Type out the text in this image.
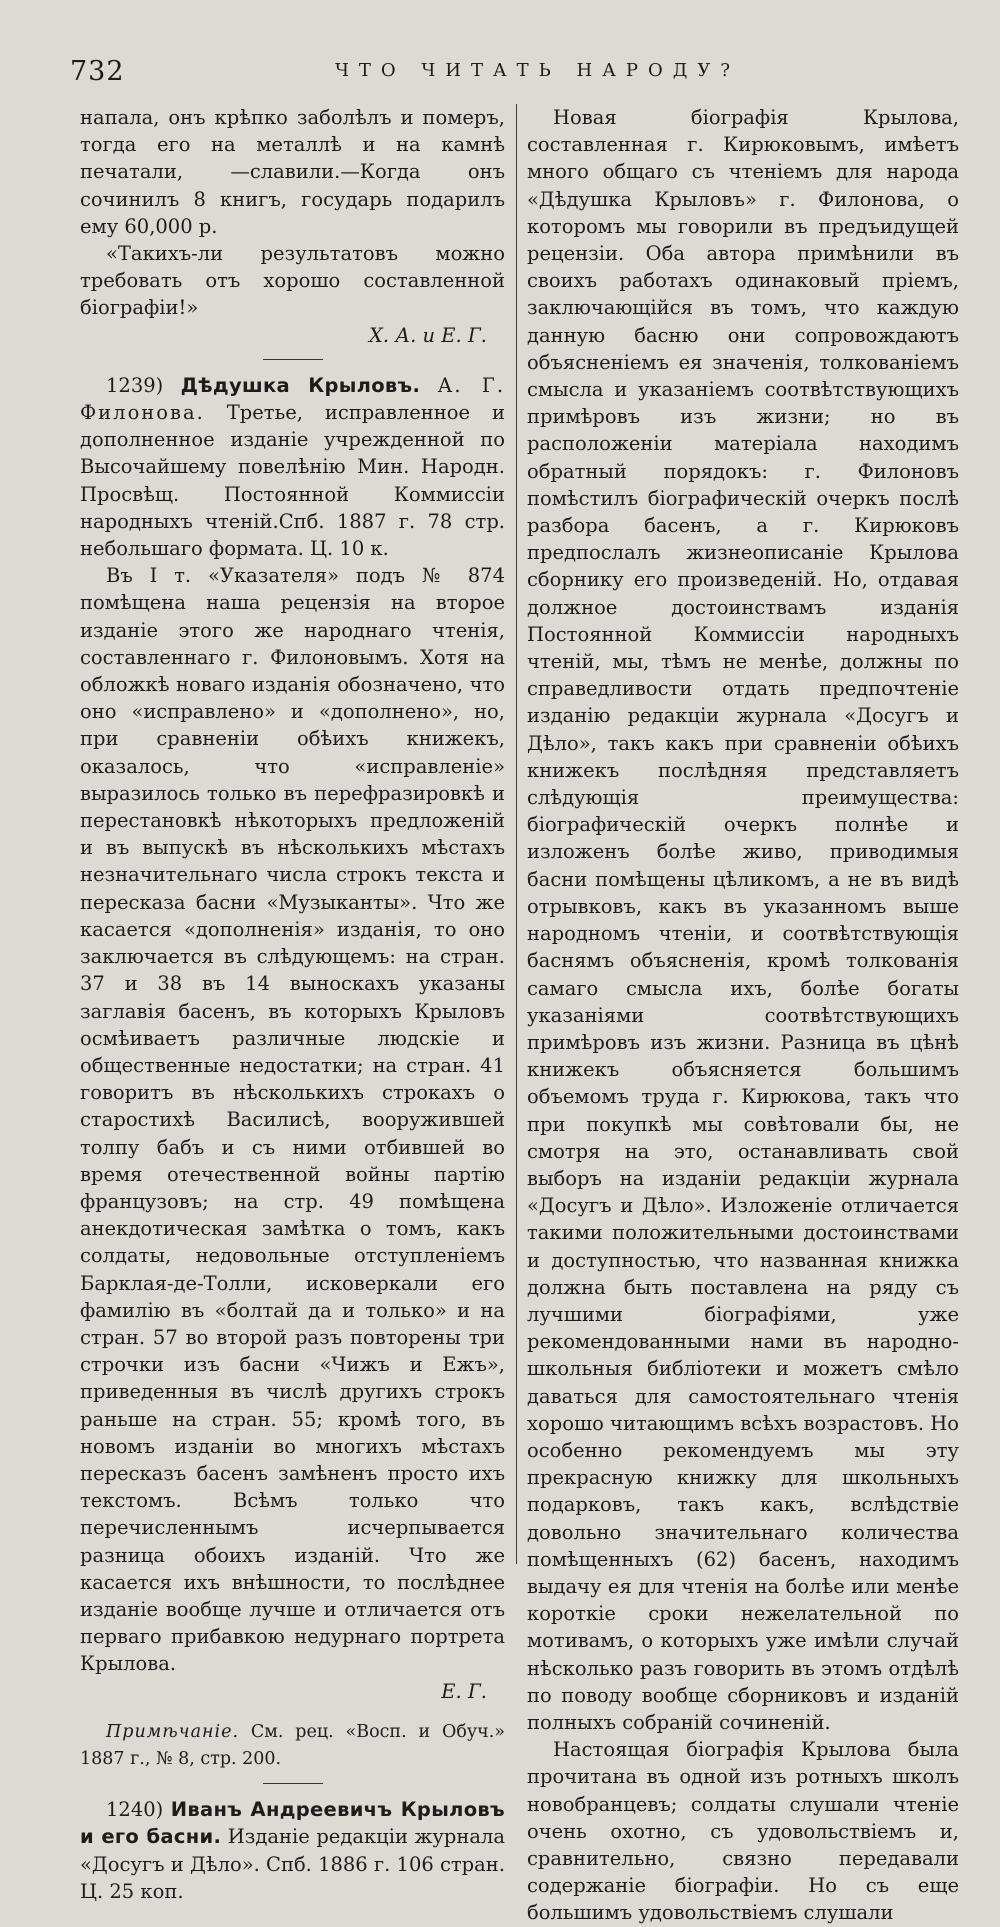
732	ЧТО ЧИТАТЬ НАРОДУ?

напала, онъ крѣпко заболѣлъ и померъ, тогда его на металлѣ и на камнѣ печатали, —славили.—Когда онъ сочинилъ 8 книгъ, государь подарилъ ему 60,000 р.

«Такихъ-ли результатовъ можно требовать отъ хорошо составленной біографіи!»

Х. А. и Е. Г.

1239) Дѣдушка Крыловъ. А. Г. Филонова. Третье, исправленное и дополненное изданіе учрежденной по Высочайшему повелѣнію Мин. Народн. Просвѣщ. Постоянной Коммиссіи народныхъ чтеній.Спб. 1887 г. 78 стр. небольшаго формата. Ц. 10 к.

Въ I т. «Указателя» подъ № 874 помѣщена наша рецензія на второе изданіе этого же народнаго чтенія, составленнаго г. Филоновымъ. Хотя на обложкѣ новаго изданія обозначено, что оно «исправлено» и «дополнено», но, при сравненіи обѣихъ книжекъ, оказалось, что «исправленіе» выразилось только въ перефразировкѣ и перестановкѣ нѣкоторыхъ предложеній и въ выпускѣ въ нѣсколькихъ мѣстахъ незначительнаго числа строкъ текста и пересказа басни «Музыканты». Что же касается «дополненія» изданія, то оно заключается въ слѣдующемъ: на стран. 37 и 38 въ 14 выноскахъ указаны заглавія басенъ, въ которыхъ Крыловъ осмѣиваетъ различные людскіе и общественные недостатки; на стран. 41 говоритъ въ нѣсколькихъ строкахъ о старостихѣ Василисѣ, вооружившей толпу бабъ и съ ними отбившей во время отечественной войны партію французовъ; на стр. 49 помѣщена анекдотическая замѣтка о томъ, какъ солдаты, недовольные отступленіемъ Барклая-де-Толли, исковеркали его фамилію въ «болтай да и только» и на стран. 57 во второй разъ повторены три строчки изъ басни «Чижъ и Ежъ», приведенныя въ числѣ другихъ строкъ раньше на стран. 55; кромѣ того, въ новомъ изданіи во многихъ мѣстахъ пересказъ басенъ замѣненъ просто ихъ текстомъ. Всѣмъ только что перечисленнымъ исчерпывается разница обоихъ изданій. Что же касается ихъ внѣшности, то послѣднее изданіе вообще лучше и отличается отъ перваго прибавкою недурнаго портрета Крылова.

Е. Г.

Примѣчаніе. См. рец. «Восп. и Обуч.» 1887 г., № 8, стр. 200.

1240) Иванъ Андреевичъ Крыловъ и его басни. Изданіе редакціи журнала «Досугъ и Дѣло». Спб. 1886 г. 106 стран. Ц. 25 коп.

Новая біографія Крылова, составленная г. Кирюковымъ, имѣетъ много общаго съ чтеніемъ для народа «Дѣдушка Крыловъ» г. Филонова, о которомъ мы говорили въ предъидущей рецензіи. Оба автора примѣнили въ своихъ работахъ одинаковый пріемъ, заключающійся въ томъ, что каждую данную басню они сопровождаютъ объясненіемъ ея значенія, толкованіемъ смысла и указаніемъ соотвѣтствующихъ примѣровъ изъ жизни; но въ расположеніи матеріала находимъ обратный порядокъ: г. Филоновъ помѣстилъ біографическій очеркъ послѣ разбора басенъ, а г. Кирюковъ предпослалъ жизнеописаніе Крылова сборнику его произведеній. Но, отдавая должное достоинствамъ изданія Постоянной Коммиссіи народныхъ чтеній, мы, тѣмъ не менѣе, должны по справедливости отдать предпочтеніе изданію редакціи журнала «Досугъ и Дѣло», такъ какъ при сравненіи обѣихъ книжекъ послѣдняя представляетъ слѣдующія преимущества: біографическій очеркъ полнѣе и изложенъ болѣе живо, приводимыя басни помѣщены цѣликомъ, а не въ видѣ отрывковъ, какъ въ указанномъ выше народномъ чтеніи, и соотвѣтствующія баснямъ объясненія, кромѣ толкованія самаго смысла ихъ, болѣе богаты указаніями соотвѣтствующихъ примѣровъ изъ жизни. Разница въ цѣнѣ книжекъ объясняется большимъ объемомъ труда г. Кирюкова, такъ что при покупкѣ мы совѣтовали бы, не смотря на это, останавливать свой выборъ на изданіи редакціи журнала «Досугъ и Дѣло». Изложеніе отличается такими положительными достоинствами и доступностью, что названная книжка должна быть поставлена на ряду съ лучшими біографіями, уже рекомендованными нами въ народно-школьныя библіотеки и можетъ смѣло даваться для самостоятельнаго чтенія хорошо читающимъ всѣхъ возрастовъ. Но особенно рекомендуемъ мы эту прекрасную книжку для школьныхъ подарковъ, такъ какъ, вслѣдствіе довольно значительнаго количества помѣщенныхъ (62) басенъ, находимъ выдачу ея для чтенія на болѣе или менѣе короткіе сроки нежелательной по мотивамъ, о которыхъ уже имѣли случай нѣсколько разъ говорить въ этомъ отдѣлѣ по поводу вообще сборниковъ и изданій полныхъ собраній сочиненій.

Настоящая біографія Крылова была прочитана въ одной изъ ротныхъ школъ новобранцевъ; солдаты слушали чтеніе очень охотно, съ удовольствіемъ и, сравнительно, связно передавали содержаніе біографіи. Но съ еще большимъ удовольствіемъ слушали
